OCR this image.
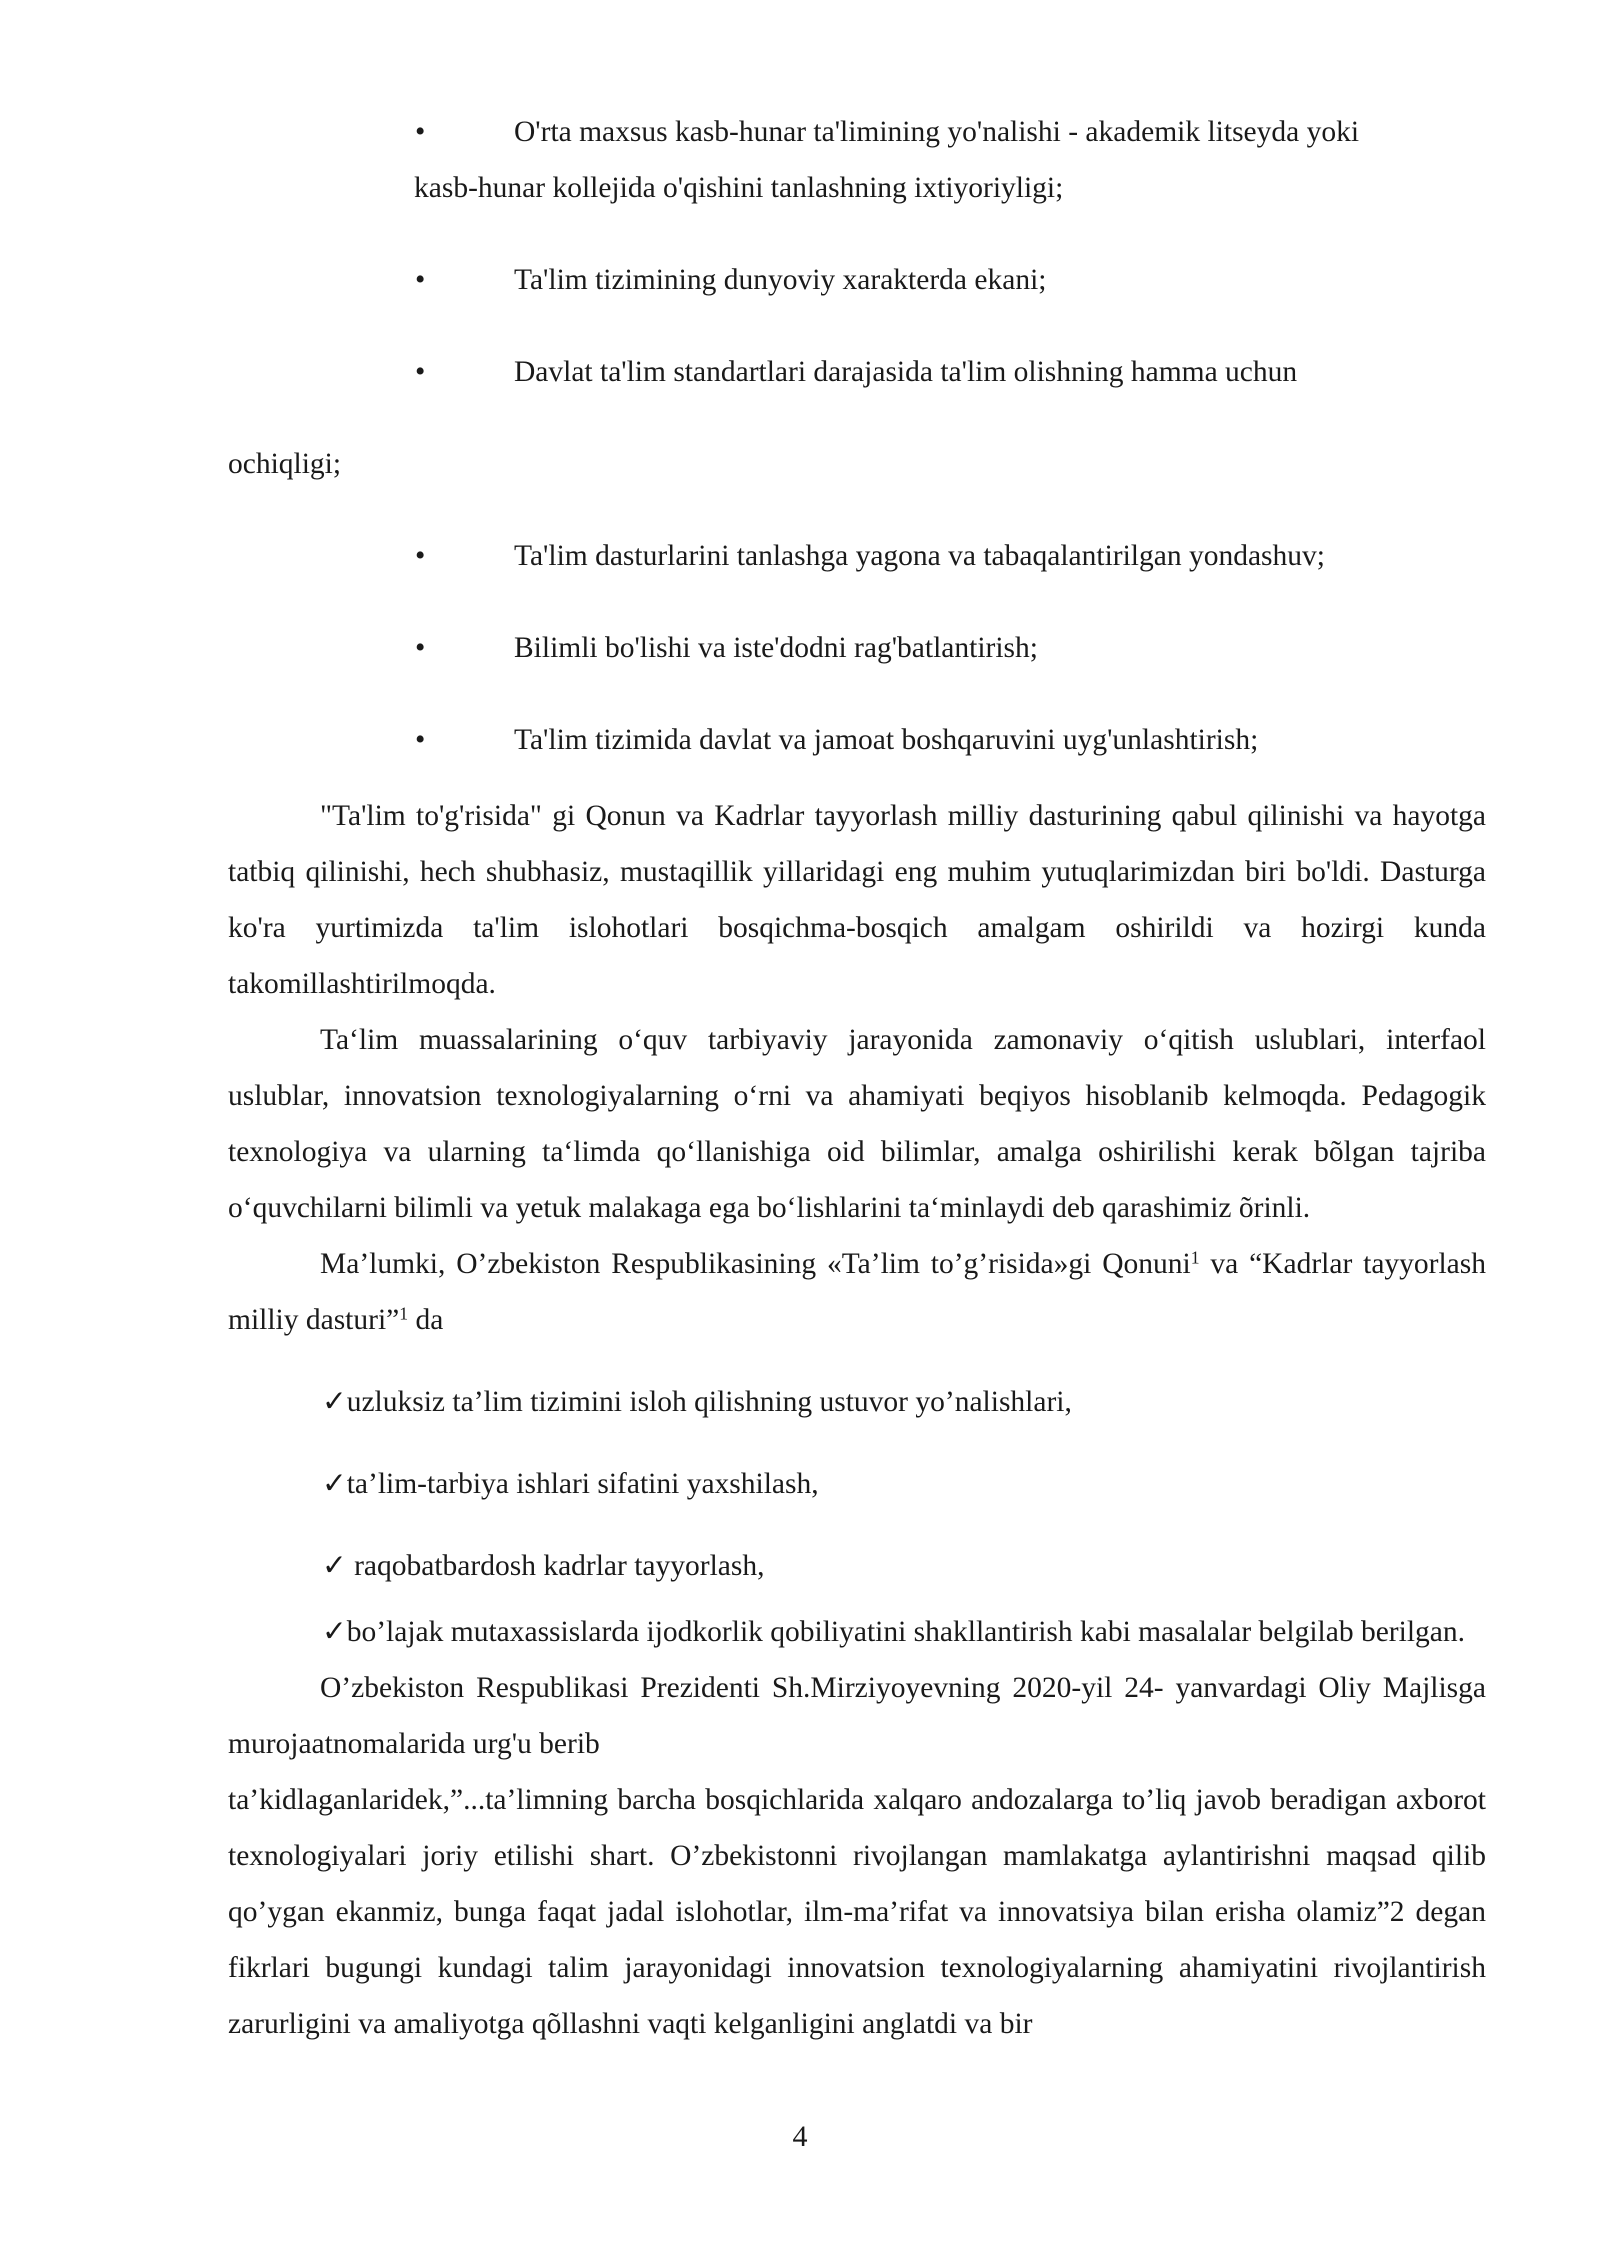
•	O'rta maxsus kasb-hunar ta'limining yo'nalishi - akademik litseyda yoki
kasb-hunar kollejida o'qishini tanlashning ixtiyoriyligi;
•	Ta'lim tizimining dunyoviy xarakterda ekani;
•	Davlat ta'lim standartlari darajasida ta'lim olishning hamma uchun

ochiqligi;

•	Ta'lim dasturlarini tanlashga yagona va tabaqalantirilgan yondashuv;
•	Bilimli bo'lishi va iste'dodni rag'batlantirish;
•	Ta'lim tizimida davlat va jamoat boshqaruvini uyg'unlashtirish;

"Ta'lim to'g'risida" gi Qonun va Kadrlar tayyorlash milliy dasturining qabul qilinishi va hayotga tatbiq qilinishi, hech shubhasiz, mustaqillik yillaridagi eng muhim yutuqlarimizdan biri bo'ldi. Dasturga ko'ra yurtimizda ta'lim islohotlari bosqichma-bosqich amalgam oshirildi va hozirgi kunda takomillashtirilmoqda.

Ta‘lim muassalarining o‘quv tarbiyaviy jarayonida zamonaviy o‘qitish uslublari, interfaol uslublar, innovatsion texnologiyalarning o‘rni va ahamiyati beqiyos hisoblanib kelmoqda. Pedagogik texnologiya va ularning ta‘limda qo‘llanishiga oid bilimlar, amalga oshirilishi kerak bõlgan tajriba o‘quvchilarni bilimli va yetuk malakaga ega bo‘lishlarini ta‘minlaydi deb qarashimiz õrinli.

Ma’lumki, O’zbekiston Respublikasining «Ta’lim to’g’risida»gi Qonuni$^1$ va “Kadrlar tayyorlash milliy dasturi”$^1$ da

✓uzluksiz ta’lim tizimini isloh qilishning ustuvor yo’nalishlari,
✓ta’lim-tarbiya ishlari sifatini yaxshilash,
✓ raqobatbardosh kadrlar tayyorlash,
✓bo’lajak mutaxassislarda ijodkorlik qobiliyatini shakllantirish kabi masalalar belgilab berilgan.

O’zbekiston Respublikasi Prezidenti Sh.Mirziyoyevning 2020-yil 24- yanvardagi Oliy Majlisga murojaatnomalarida urg'u berib

ta’kidlaganlaridek,”...ta’limning barcha bosqichlarida xalqaro andozalarga to’liq javob beradigan axborot texnologiyalari joriy etilishi shart. O’zbekistonni rivojlangan mamlakatga aylantirishni maqsad qilib qo’ygan ekanmiz, bunga faqat jadal islohotlar, ilm-ma’rifat va innovatsiya bilan erisha olamiz”2 degan fikrlari bugungi kundagi talim jarayonidagi innovatsion texnologiyalarning ahamiyatini rivojlantirish zarurligini va amaliyotga qõllashni vaqti kelganligini anglatdi va bir

4
